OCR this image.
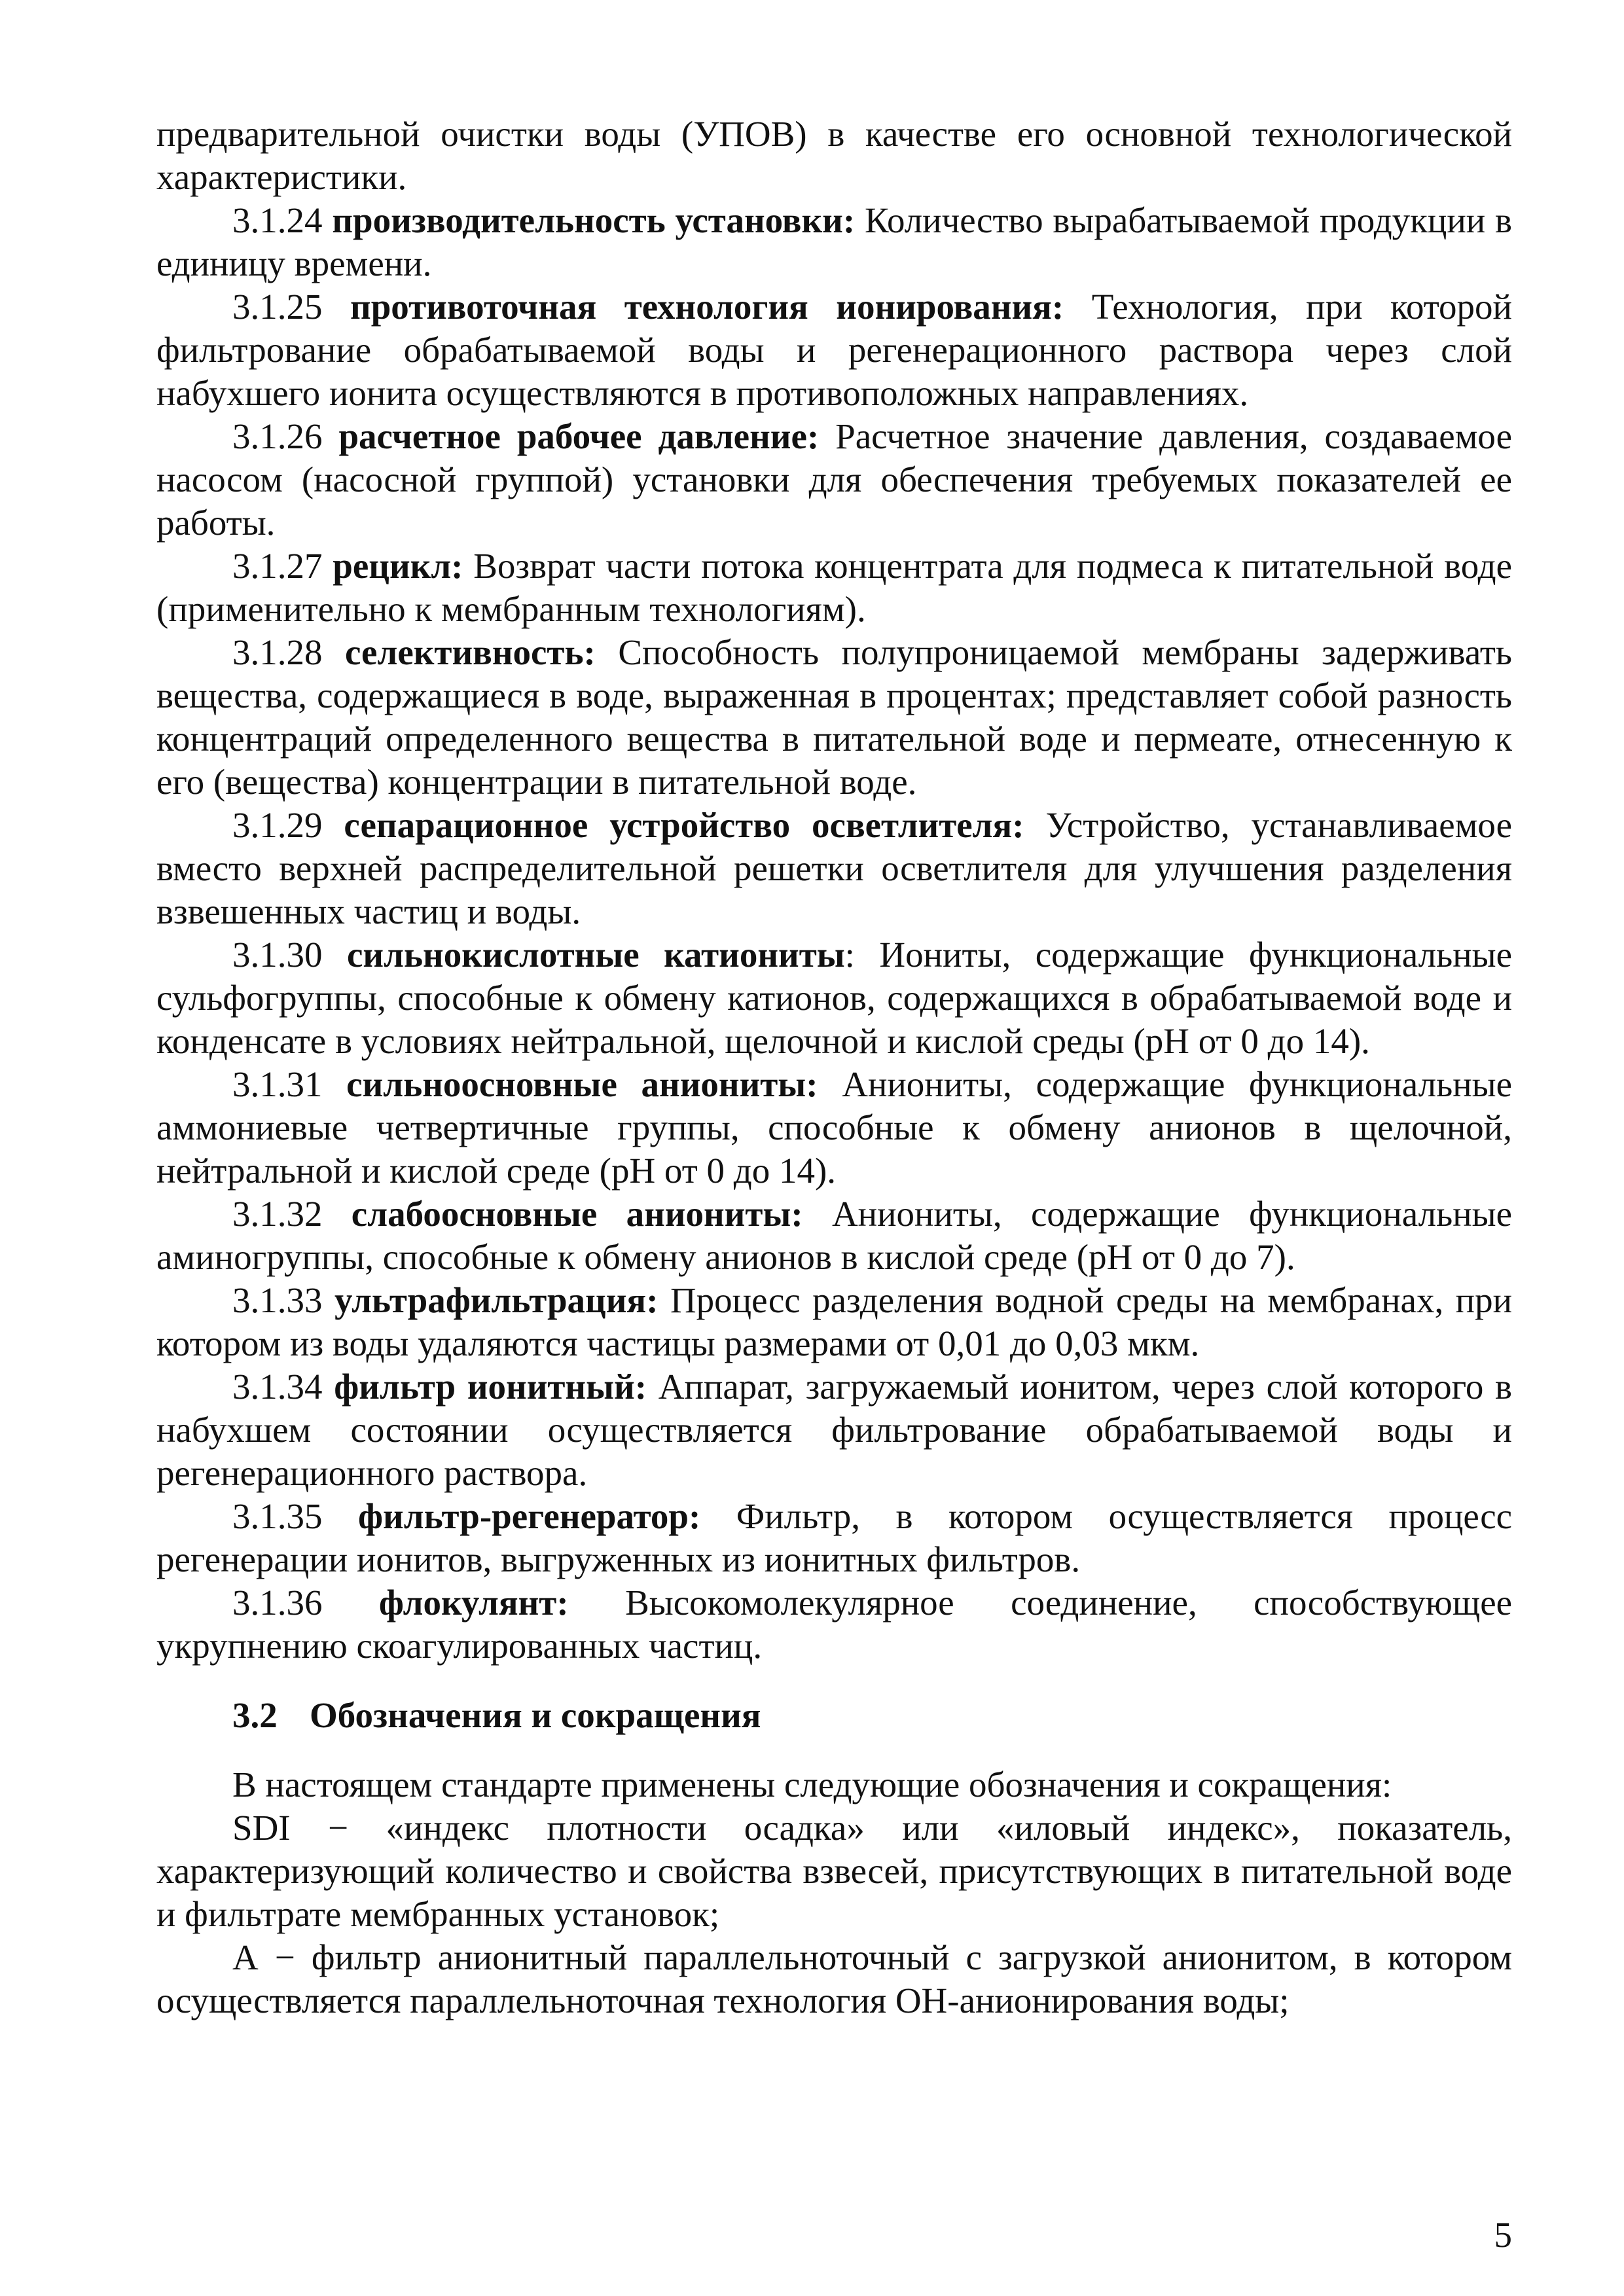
предварительной очистки воды (УПОВ) в качестве его основной технологической характеристики.

3.1.24 производительность установки: Количество вырабатываемой продукции в единицу времени.

3.1.25 противоточная технология ионирования: Технология, при которой фильтрование обрабатываемой воды и регенерационного раствора через слой набухшего ионита осуществляются в противоположных направлениях.

3.1.26 расчетное рабочее давление: Расчетное значение давления, создаваемое насосом (насосной группой) установки для обеспечения требуемых показателей ее работы.

3.1.27 рецикл: Возврат части потока концентрата для подмеса к питательной воде (применительно к мембранным технологиям).

3.1.28 селективность: Способность полупроницаемой мембраны задерживать вещества, содержащиеся в воде, выраженная в процентах; представляет собой разность концентраций определенного вещества в питательной воде и пермеате, отнесенную к его (вещества) концентрации в питательной воде.

3.1.29 сепарационное устройство осветлителя: Устройство, устанавливаемое вместо верхней распределительной решетки осветлителя для улучшения разделения взвешенных частиц и воды.

3.1.30 сильнокислотные катиониты: Иониты, содержащие функциональные сульфогруппы, способные к обмену катионов, содержащихся в обрабатываемой воде и конденсате в условиях нейтральной, щелочной и кислой среды (рН от 0 до 14).

3.1.31 сильноосновные аниониты: Аниониты, содержащие функциональные аммониевые четвертичные группы, способные к обмену анионов в щелочной, нейтральной и кислой среде (рН от 0 до 14).

3.1.32 слабоосновные аниониты: Аниониты, содержащие функциональные аминогруппы, способные к обмену анионов в кислой среде (рН от 0 до 7).

3.1.33 ультрафильтрация: Процесс разделения водной среды на мембранах, при котором из воды удаляются частицы размерами от 0,01 до 0,03 мкм.

3.1.34 фильтр ионитный: Аппарат, загружаемый ионитом, через слой которого в набухшем состоянии осуществляется фильтрование обрабатываемой воды и регенерационного раствора.

3.1.35 фильтр-регенератор: Фильтр, в котором осуществляется процесс регенерации ионитов, выгруженных из ионитных фильтров.

3.1.36 флокулянт: Высокомолекулярное соединение, способствующее укрупнению скоагулированных частиц.

3.2 Обозначения и сокращения

В настоящем стандарте применены следующие обозначения и сокращения:

SDI − «индекс плотности осадка» или «иловый индекс», показатель, характеризующий количество и свойства взвесей, присутствующих в питательной воде и фильтрате мембранных установок;

А − фильтр анионитный параллельноточный с загрузкой анионитом, в котором осуществляется параллельноточная технология ОН-анионирования воды;

5
